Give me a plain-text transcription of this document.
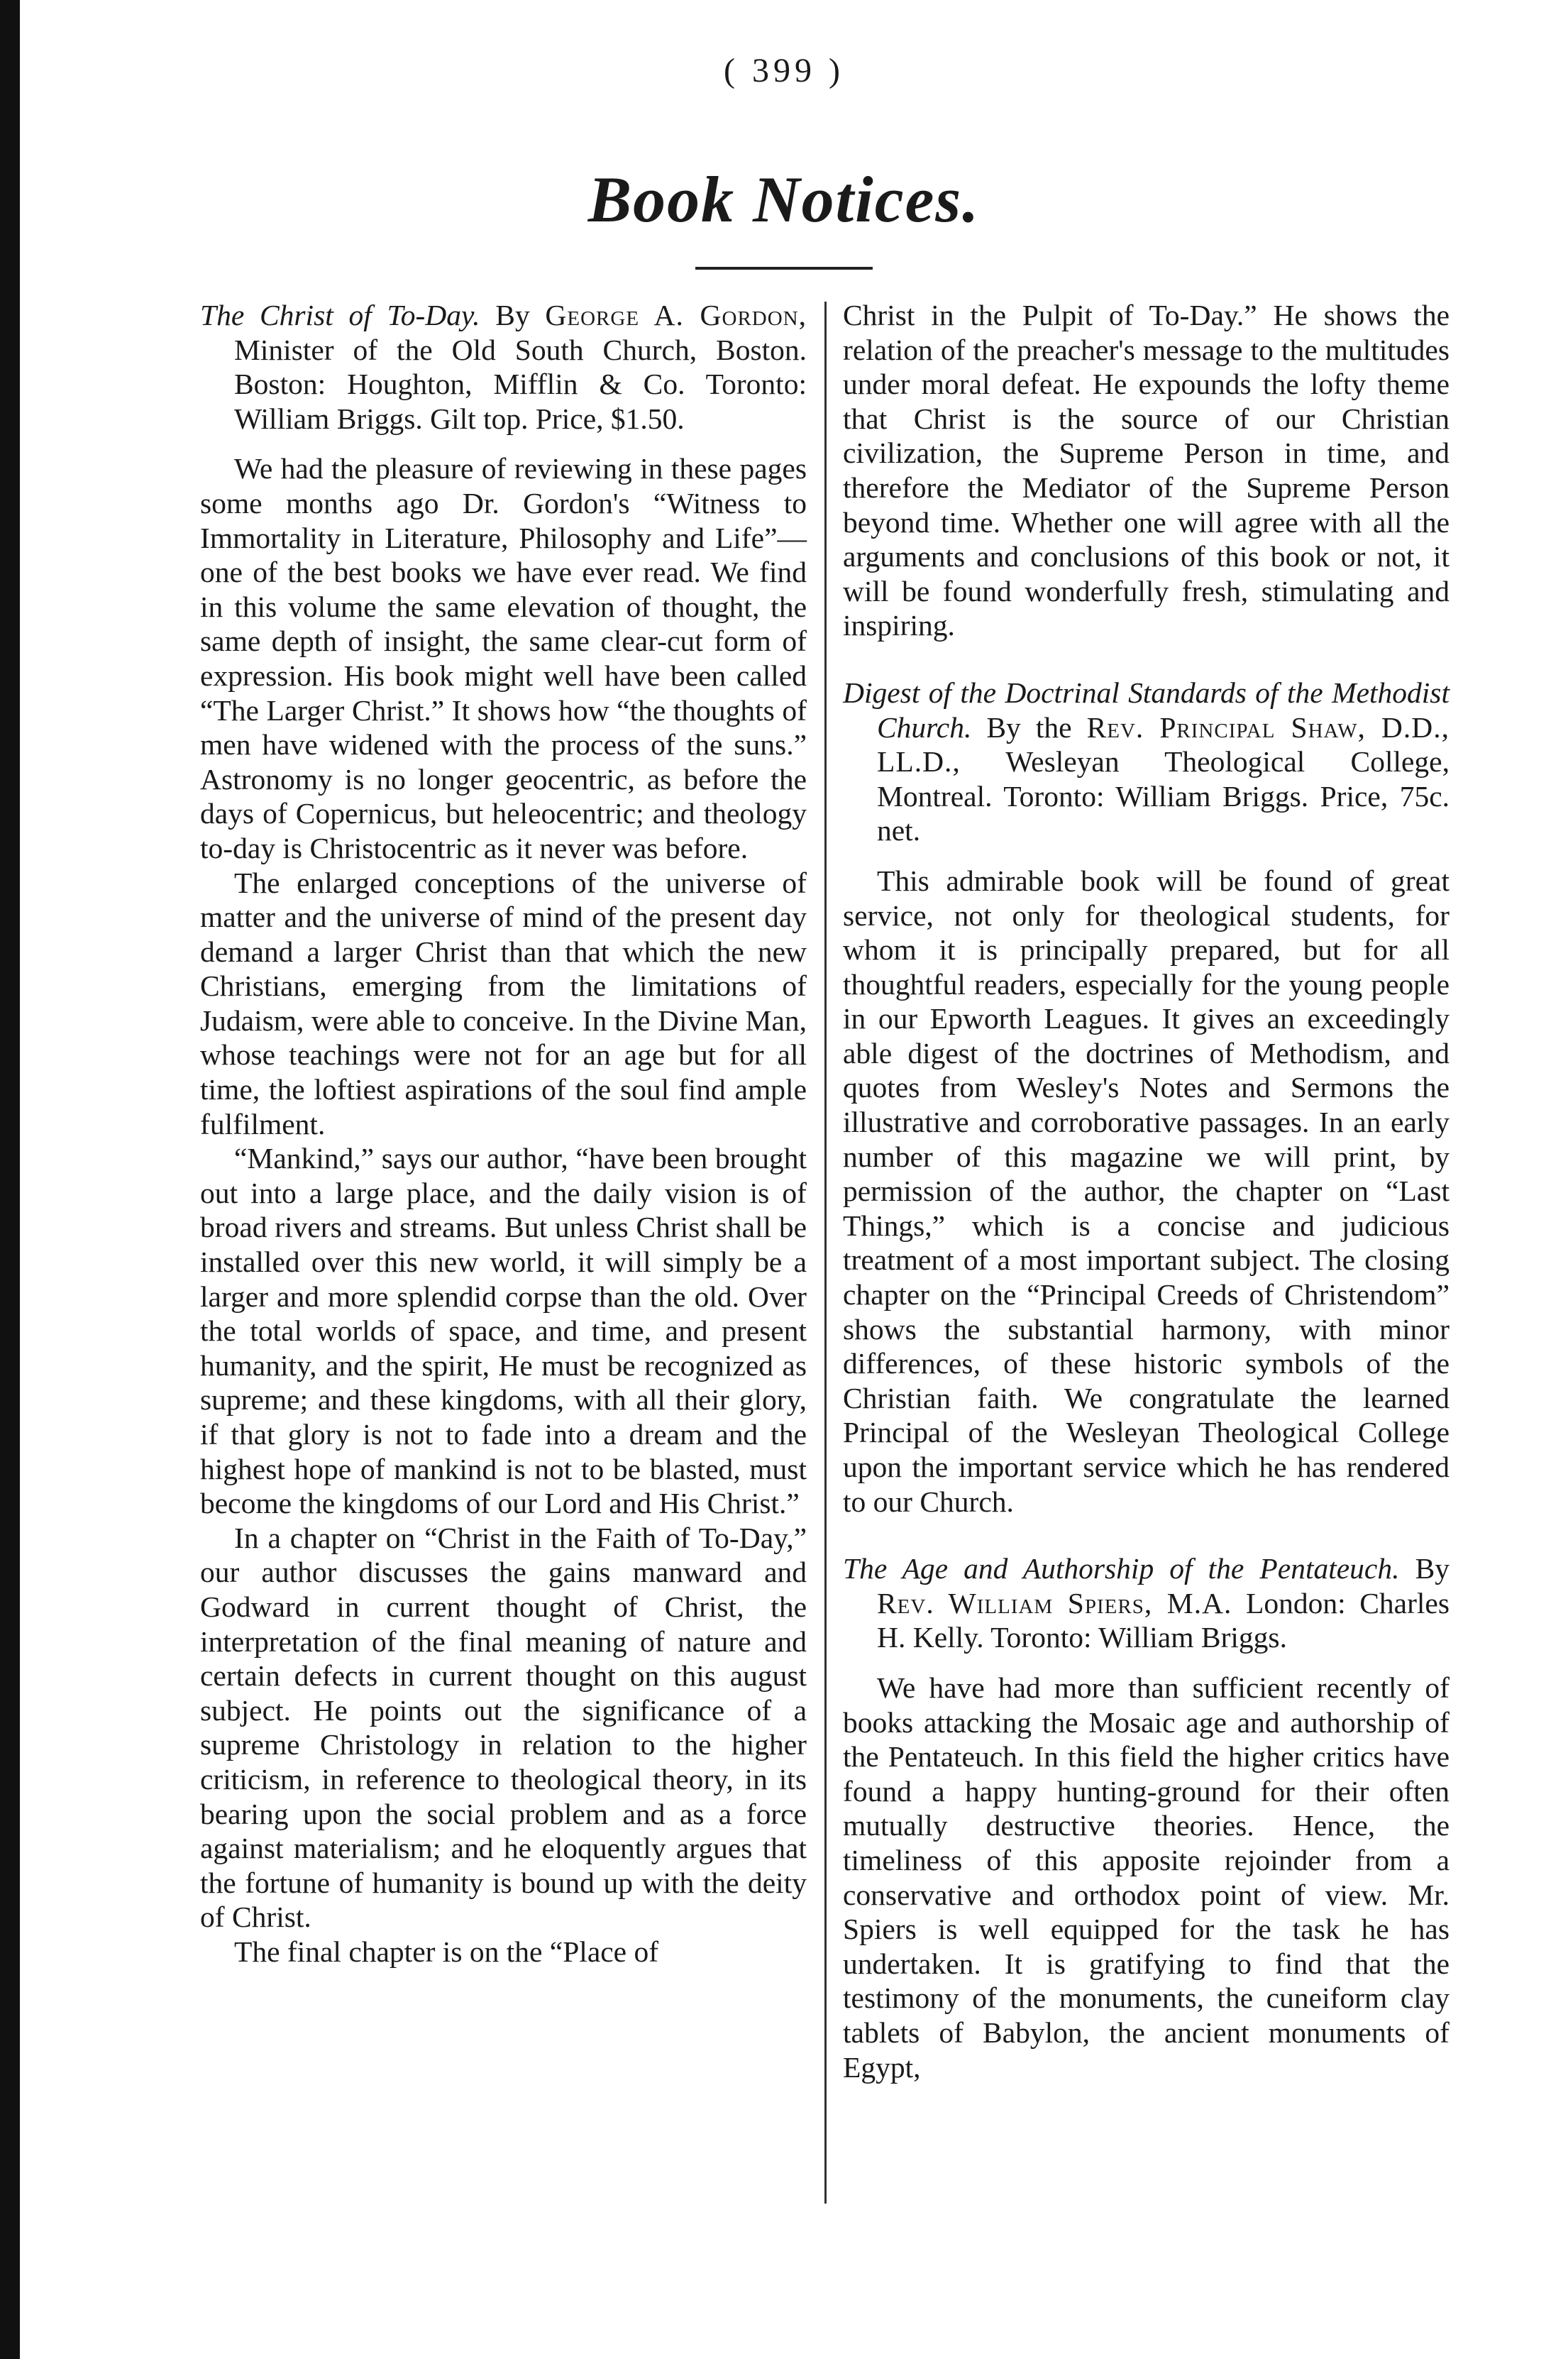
( 399 )
Book Notices.

The Christ of To-Day. By George A. Gordon, Minister of the Old South Church, Boston. Boston: Houghton, Mifflin & Co. Toronto: William Briggs. Gilt top. Price, $1.50.

We had the pleasure of reviewing in these pages some months ago Dr. Gordon's “Witness to Immortality in Literature, Philosophy and Life”—one of the best books we have ever read. We find in this volume the same elevation of thought, the same depth of insight, the same clear-cut form of expression. His book might well have been called “The Larger Christ.” It shows how “the thoughts of men have widened with the process of the suns.” Astronomy is no longer geocentric, as before the days of Copernicus, but heleocentric; and theology to-day is Christocentric as it never was before.

The enlarged conceptions of the universe of matter and the universe of mind of the present day demand a larger Christ than that which the new Christians, emerging from the limitations of Judaism, were able to conceive. In the Divine Man, whose teachings were not for an age but for all time, the loftiest aspirations of the soul find ample fulfilment.

“Mankind,” says our author, “have been brought out into a large place, and the daily vision is of broad rivers and streams. But unless Christ shall be installed over this new world, it will simply be a larger and more splendid corpse than the old. Over the total worlds of space, and time, and present humanity, and the spirit, He must be recognized as supreme; and these kingdoms, with all their glory, if that glory is not to fade into a dream and the highest hope of mankind is not to be blasted, must become the kingdoms of our Lord and His Christ.”

In a chapter on “Christ in the Faith of To-Day,” our author discusses the gains manward and Godward in current thought of Christ, the interpretation of the final meaning of nature and certain defects in current thought on this august subject. He points out the significance of a supreme Christology in relation to the higher criticism, in reference to theological theory, in its bearing upon the social problem and as a force against materialism; and he eloquently argues that the fortune of humanity is bound up with the deity of Christ.

The final chapter is on the “Place of

Christ in the Pulpit of To-Day.” He shows the relation of the preacher's message to the multitudes under moral defeat. He expounds the lofty theme that Christ is the source of our Christian civilization, the Supreme Person in time, and therefore the Mediator of the Supreme Person beyond time. Whether one will agree with all the arguments and conclusions of this book or not, it will be found wonderfully fresh, stimulating and inspiring.

Digest of the Doctrinal Standards of the Methodist Church. By the Rev. Principal Shaw, D.D., LL.D., Wesleyan Theological College, Montreal. Toronto: William Briggs. Price, 75c. net.

This admirable book will be found of great service, not only for theological students, for whom it is principally prepared, but for all thoughtful readers, especially for the young people in our Epworth Leagues. It gives an exceedingly able digest of the doctrines of Methodism, and quotes from Wesley's Notes and Sermons the illustrative and corroborative passages. In an early number of this magazine we will print, by permission of the author, the chapter on “Last Things,” which is a concise and judicious treatment of a most important subject. The closing chapter on the “Principal Creeds of Christendom” shows the substantial harmony, with minor differences, of these historic symbols of the Christian faith. We congratulate the learned Principal of the Wesleyan Theological College upon the important service which he has rendered to our Church.

The Age and Authorship of the Pentateuch. By Rev. William Spiers, M.A. London: Charles H. Kelly. Toronto: William Briggs.

We have had more than sufficient recently of books attacking the Mosaic age and authorship of the Pentateuch. In this field the higher critics have found a happy hunting-ground for their often mutually destructive theories. Hence, the timeliness of this apposite rejoinder from a conservative and orthodox point of view. Mr. Spiers is well equipped for the task he has undertaken. It is gratifying to find that the testimony of the monuments, the cuneiform clay tablets of Babylon, the ancient monuments of Egypt,
